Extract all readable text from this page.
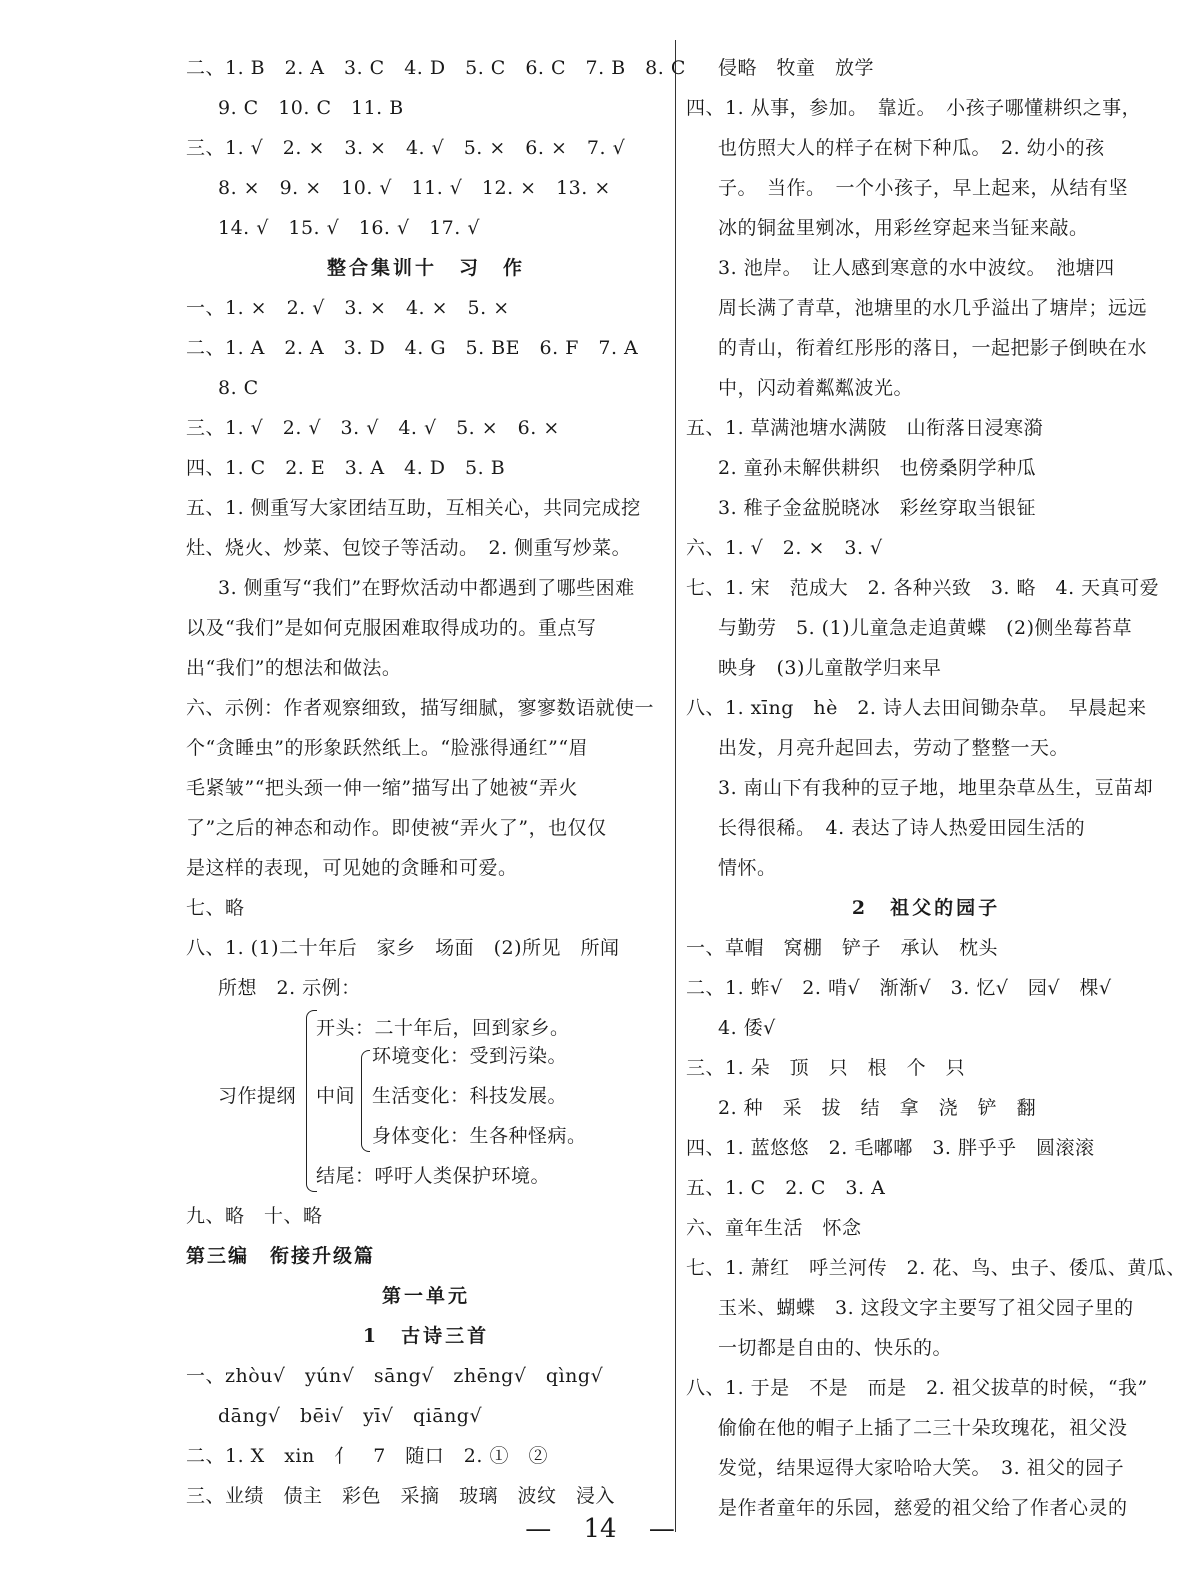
二、1. B　2. A　3. C　4. D　5. C　6. C　7. B　8. C
9. C　10. C　11. B
三、1. √　2. ×　3. ×　4. √　5. ×　6. ×　7. √
8. ×　9. ×　10. √　11. √　12. ×　13. ×
14. √　15. √　16. √　17. √
整合集训十　习　作
一、1. ×　2. √　3. ×　4. ×　5. ×
二、1. A　2. A　3. D　4. G　5. BE　6. F　7. A
8. C
三、1. √　2. √　3. √　4. √　5. ×　6. ×
四、1. C　2. E　3. A　4. D　5. B
五、1. 侧重写大家团结互助，互相关心，共同完成挖
灶、烧火、炒菜、包饺子等活动。　2. 侧重写炒菜。
3. 侧重写“我们”在野炊活动中都遇到了哪些困难
以及“我们”是如何克服困难取得成功的。重点写
出“我们”的想法和做法。
六、示例：作者观察细致，描写细腻，寥寥数语就使一
个“贪睡虫”的形象跃然纸上。“脸涨得通红”“眉
毛紧皱”“把头颈一伸一缩”描写出了她被“弄火
了”之后的神态和动作。即使被“弄火了”，也仅仅
是这样的表现，可见她的贪睡和可爱。
七、略
八、1. (1)二十年后　家乡　场面　(2)所见　所闻
所想　2. 示例：
习作提纲
开头：二十年后，回到家乡。
中间
环境变化：受到污染。
生活变化：科技发展。
身体变化：生各种怪病。
结尾：呼吁人类保护环境。
九、略　十、略
第三编　衔接升级篇
第一单元
1　古诗三首
一、zhòu√　yún√　sāng√　zhēng√　qìng√
dāng√　bēi√　yī√　qiāng√
二、1. X　xin　亻　7　随口　2. ①　②
三、业绩　债主　彩色　采摘　玻璃　波纹　浸入
侵略　牧童　放学
四、1. 从事，参加。　靠近。　小孩子哪懂耕织之事，
也仿照大人的样子在树下种瓜。　2. 幼小的孩
子。　当作。　一个小孩子，早上起来，从结有坚
冰的铜盆里剜冰，用彩丝穿起来当钲来敲。
3. 池岸。　让人感到寒意的水中波纹。　池塘四
周长满了青草，池塘里的水几乎溢出了塘岸；远远
的青山，衔着红彤彤的落日，一起把影子倒映在水
中，闪动着粼粼波光。
五、1. 草满池塘水满陂　山衔落日浸寒漪
2. 童孙未解供耕织　也傍桑阴学种瓜
3. 稚子金盆脱晓冰　彩丝穿取当银钲
六、1. √　2. ×　3. √
七、1. 宋　范成大　2. 各种兴致　3. 略　4. 天真可爱
与勤劳　5. (1)儿童急走追黄蝶　(2)侧坐莓苔草
映身　(3)儿童散学归来早
八、1. xīng　hè　2. 诗人去田间锄杂草。　早晨起来
出发，月亮升起回去，劳动了整整一天。
3. 南山下有我种的豆子地，地里杂草丛生，豆苗却
长得很稀。　4. 表达了诗人热爱田园生活的
情怀。
2　祖父的园子
一、草帽　窝棚　铲子　承认　枕头
二、1. 蚱√　2. 啃√　渐渐√　3. 忆√　园√　棵√
4. 倭√
三、1. 朵　顶　只　根　个　只
2. 种　采　拔　结　拿　浇　铲　翻
四、1. 蓝悠悠　2. 毛嘟嘟　3. 胖乎乎　圆滚滚
五、1. C　2. C　3. A
六、童年生活　怀念
七、1. 萧红　呼兰河传　2. 花、鸟、虫子、倭瓜、黄瓜、
玉米、蝴蝶　3. 这段文字主要写了祖父园子里的
一切都是自由的、快乐的。
八、1. 于是　不是　而是　2. 祖父拔草的时候，“我”
偷偷在他的帽子上插了二三十朵玫瑰花，祖父没
发觉，结果逗得大家哈哈大笑。　3. 祖父的园子
是作者童年的乐园，慈爱的祖父给了作者心灵的
— 14 —
